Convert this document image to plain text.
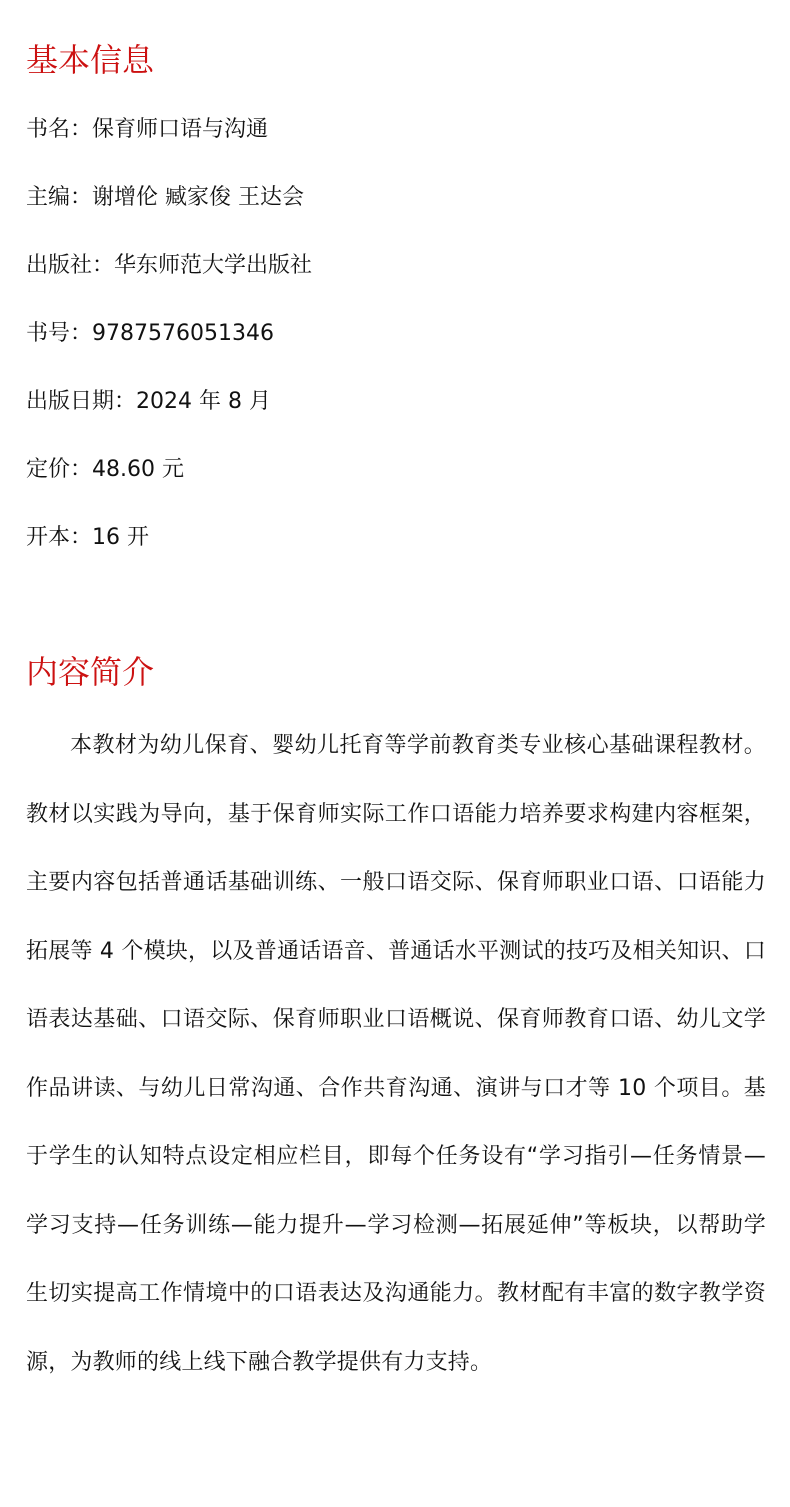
基本信息
书名：保育师口语与沟通
主编：谢增伦 臧家俊 王达会
出版社：华东师范大学出版社
书号：9787576051346
出版日期：2024 年 8 月
定价：48.60 元
开本：16 开
内容简介

本教材为幼儿保育、婴幼儿托育等学前教育类专业核心基础课程教材。教材以实践为导向，基于保育师实际工作口语能力培养要求构建内容框架，主要内容包括普通话基础训练、一般口语交际、保育师职业口语、口语能力拓展等 4 个模块，以及普通话语音、普通话水平测试的技巧及相关知识、口语表达基础、口语交际、保育师职业口语概说、保育师教育口语、幼儿文学作品讲读、与幼儿日常沟通、合作共育沟通、演讲与口才等 10 个项目。基于学生的认知特点设定相应栏目，即每个任务设有“学习指引—任务情景—学习支持—任务训练—能力提升—学习检测—拓展延伸”等板块，以帮助学生切实提高工作情境中的口语表达及沟通能力。教材配有丰富的数字教学资源，为教师的线上线下融合教学提供有力支持。
